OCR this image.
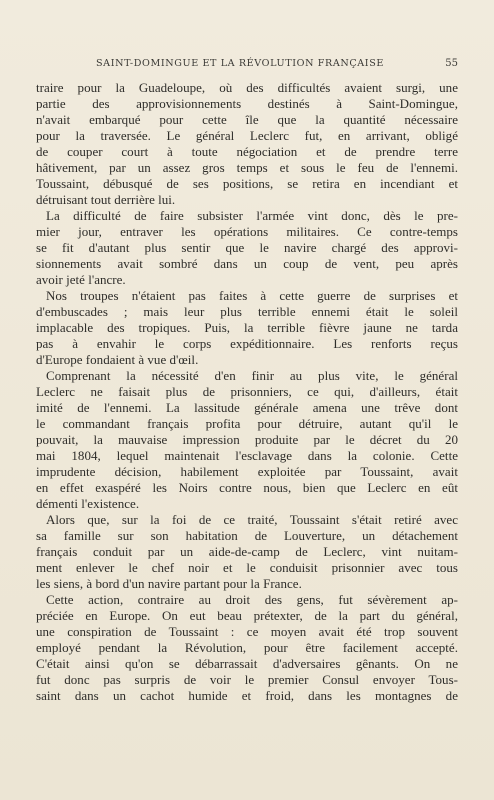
SAINT-DOMINGUE ET LA RÉVOLUTION FRANÇAISE	55
traire pour la Guadeloupe, où des difficultés avaient surgi, une
partie des approvisionnements destinés à Saint-Domingue,
n'avait embarqué pour cette île que la quantité nécessaire
pour la traversée. Le général Leclerc fut, en arrivant, obligé
de couper court à toute négociation et de prendre terre
hâtivement, par un assez gros temps et sous le feu de l'ennemi.
Toussaint, débusqué de ses positions, se retira en incendiant et
détruisant tout derrière lui.
La difficulté de faire subsister l'armée vint donc, dès le pre-
mier jour, entraver les opérations militaires. Ce contre-temps
se fit d'autant plus sentir que le navire chargé des approvi-
sionnements avait sombré dans un coup de vent, peu après
avoir jeté l'ancre.
Nos troupes n'étaient pas faites à cette guerre de surprises et
d'embuscades ; mais leur plus terrible ennemi était le soleil
implacable des tropiques. Puis, la terrible fièvre jaune ne tarda
pas à envahir le corps expéditionnaire. Les renforts reçus
d'Europe fondaient à vue d'œil.
Comprenant la nécessité d'en finir au plus vite, le général
Leclerc ne faisait plus de prisonniers, ce qui, d'ailleurs, était
imité de l'ennemi. La lassitude générale amena une trêve dont
le commandant français profita pour détruire, autant qu'il le
pouvait, la mauvaise impression produite par le décret du 20
mai 1804, lequel maintenait l'esclavage dans la colonie. Cette
imprudente décision, habilement exploitée par Toussaint, avait
en effet exaspéré les Noirs contre nous, bien que Leclerc en eût
démenti l'existence.
Alors que, sur la foi de ce traité, Toussaint s'était retiré avec
sa famille sur son habitation de Louverture, un détachement
français conduit par un aide-de-camp de Leclerc, vint nuitam-
ment enlever le chef noir et le conduisit prisonnier avec tous
les siens, à bord d'un navire partant pour la France.
Cette action, contraire au droit des gens, fut sévèrement ap-
préciée en Europe. On eut beau prétexter, de la part du général,
une conspiration de Toussaint : ce moyen avait été trop souvent
employé pendant la Révolution, pour être facilement accepté.
C'était ainsi qu'on se débarrassait d'adversaires gênants. On ne
fut donc pas surpris de voir le premier Consul envoyer Tous-
saint dans un cachot humide et froid, dans les montagnes de
